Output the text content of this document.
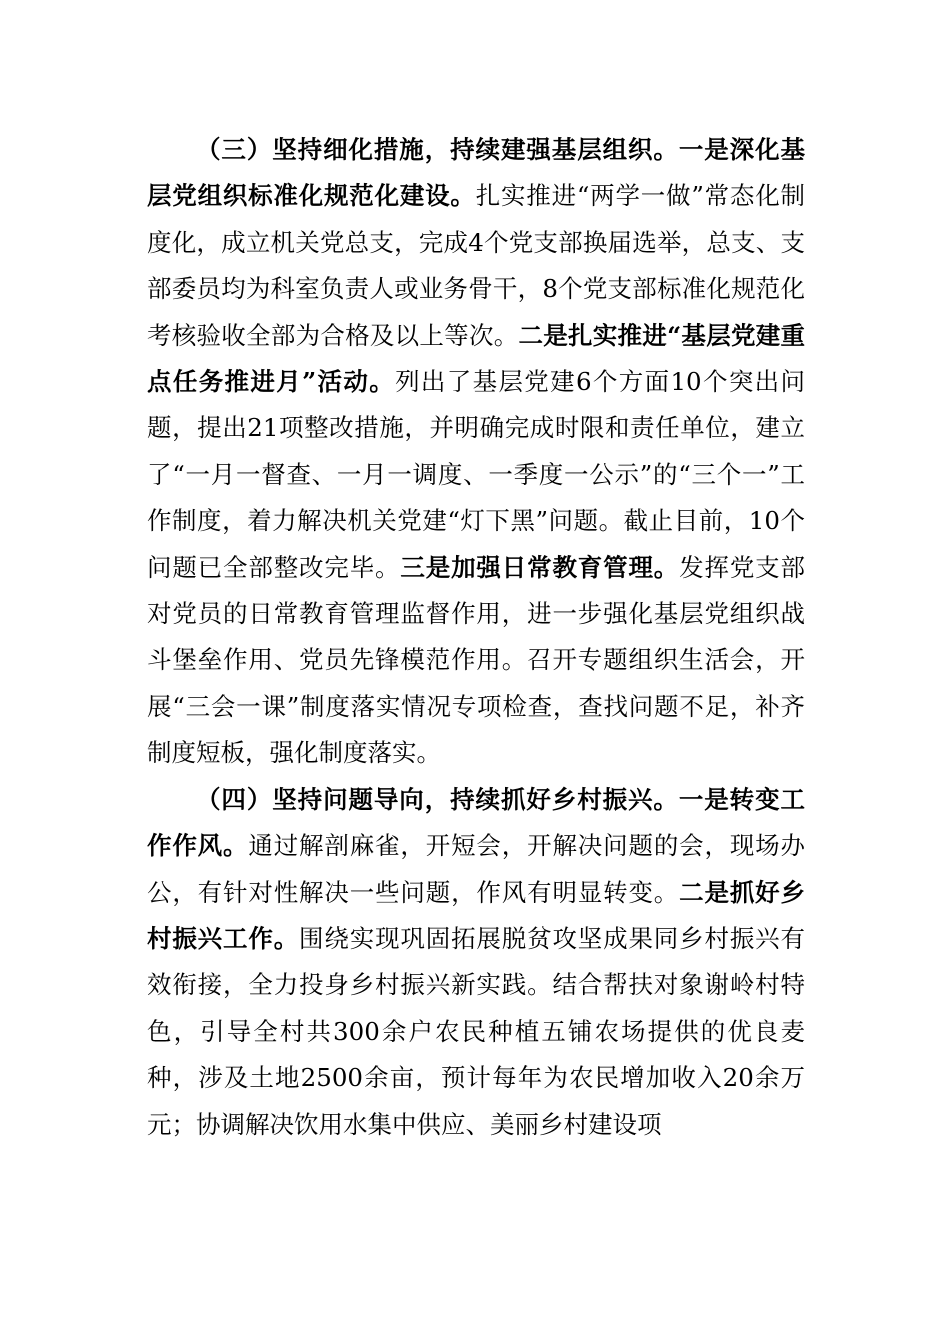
（三）坚持细化措施，持续建强基层组织。一是深化基层党组织标准化规范化建设。扎实推进“两学一做”常态化制度化，成立机关党总支，完成4个党支部换届选举，总支、支部委员均为科室负责人或业务骨干，8个党支部标准化规范化考核验收全部为合格及以上等次。二是扎实推进“基层党建重点任务推进月”活动。列出了基层党建6个方面10个突出问题，提出21项整改措施，并明确完成时限和责任单位，建立了“一月一督查、一月一调度、一季度一公示”的“三个一”工作制度，着力解决机关党建“灯下黑”问题。截止目前，10个问题已全部整改完毕。三是加强日常教育管理。发挥党支部对党员的日常教育管理监督作用，进一步强化基层党组织战斗堡垒作用、党员先锋模范作用。召开专题组织生活会，开展“三会一课”制度落实情况专项检查，查找问题不足，补齐制度短板，强化制度落实。

（四）坚持问题导向，持续抓好乡村振兴。一是转变工作作风。通过解剖麻雀，开短会，开解决问题的会，现场办公，有针对性解决一些问题，作风有明显转变。二是抓好乡村振兴工作。围绕实现巩固拓展脱贫攻坚成果同乡村振兴有效衔接，全力投身乡村振兴新实践。结合帮扶对象谢岭村特色，引导全村共300余户农民种植五铺农场提供的优良麦种，涉及土地2500余亩，预计每年为农民增加收入20余万元；协调解决饮用水集中供应、美丽乡村建设项
